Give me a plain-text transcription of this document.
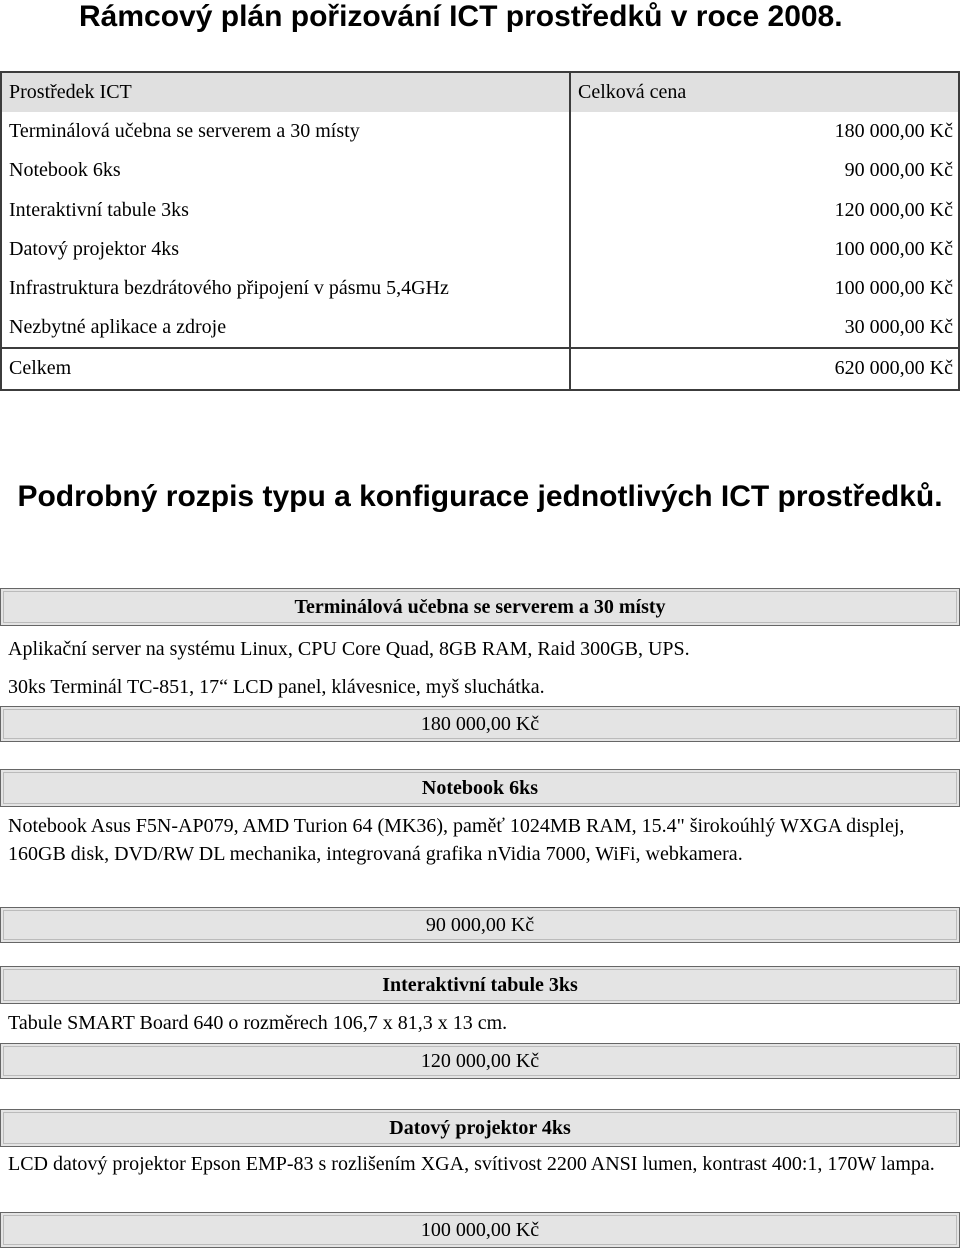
Rámcový plán pořizování ICT prostředků v roce 2008.
Prostředek ICT	Celková cena
Terminálová učebna se serverem a 30 místy	180 000,00 Kč
Notebook 6ks	90 000,00 Kč
Interaktivní tabule 3ks	120 000,00 Kč
Datový projektor 4ks	100 000,00 Kč
Infrastruktura bezdrátového připojení v pásmu 5,4GHz	100 000,00 Kč
Nezbytné aplikace a zdroje	30 000,00 Kč
Celkem	620 000,00 Kč
Podrobný rozpis typu a konfigurace jednotlivých ICT prostředků.
Terminálová učebna se serverem a 30 místy
Aplikační server na systému Linux, CPU Core Quad, 8GB RAM, Raid 300GB, UPS.
30ks Terminál TC-851, 17“ LCD panel, klávesnice, myš sluchátka.
180 000,00 Kč
Notebook 6ks
Notebook Asus F5N-AP079, AMD Turion 64 (MK36), paměť 1024MB RAM, 15.4" širokoúhlý WXGA displej, 160GB disk, DVD/RW DL mechanika, integrovaná grafika nVidia 7000, WiFi, webkamera.
90 000,00 Kč
Interaktivní tabule 3ks
Tabule SMART Board 640 o rozměrech 106,7 x 81,3 x 13 cm.
120 000,00 Kč
Datový projektor 4ks
LCD datový projektor Epson EMP-83 s rozlišením XGA, svítivost 2200 ANSI lumen, kontrast 400:1, 170W lampa.
100 000,00 Kč
